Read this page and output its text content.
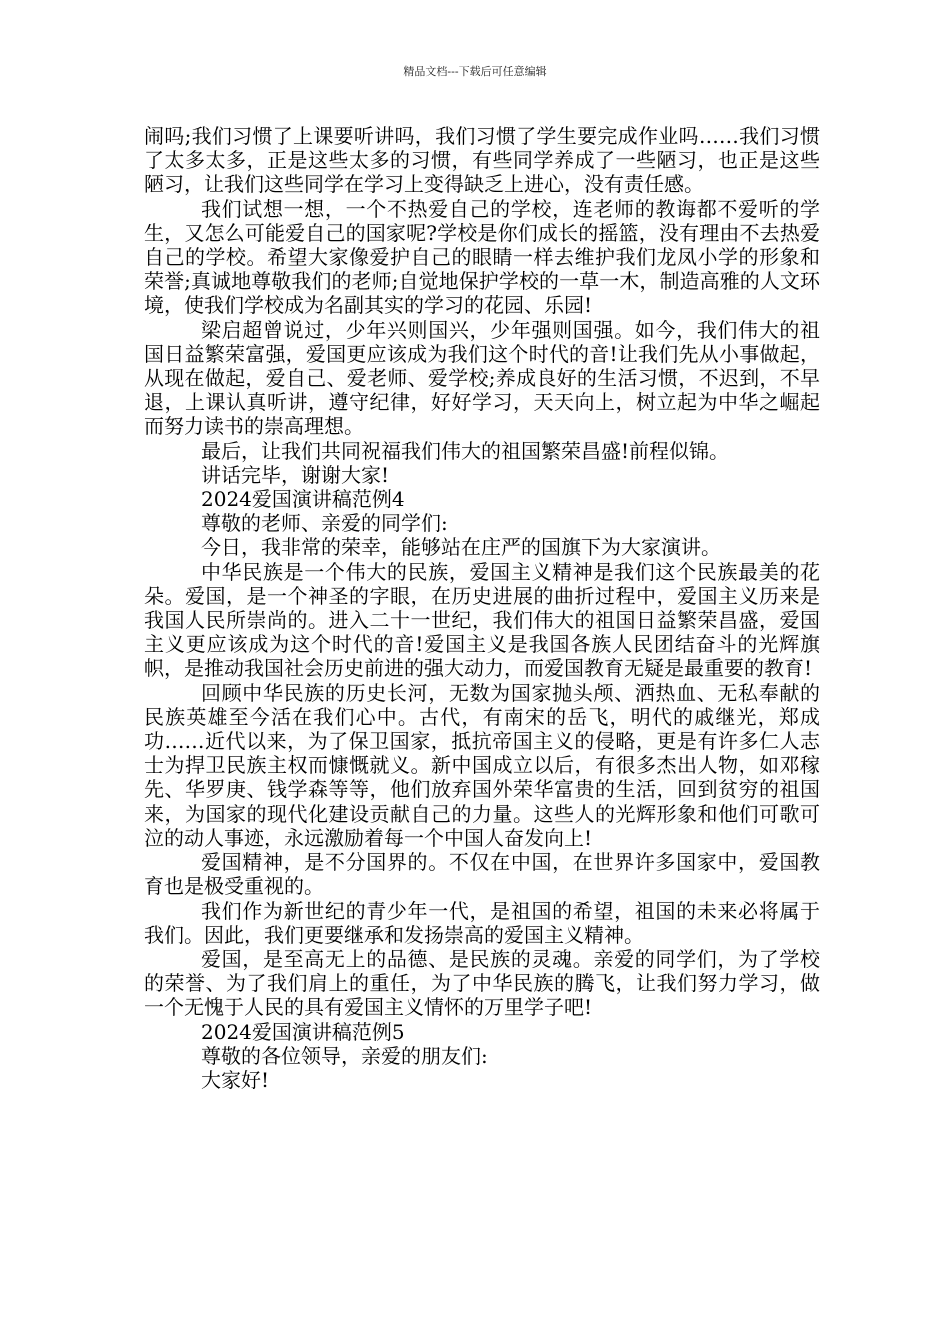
精品文档---下载后可任意编辑

闹吗;我们习惯了上课要听讲吗，我们习惯了学生要完成作业吗……我们习惯了太多太多，正是这些太多的习惯，有些同学养成了一些陋习，也正是这些陋习，让我们这些同学在学习上变得缺乏上进心，没有责任感。

我们试想一想，一个不热爱自己的学校，连老师的教诲都不爱听的学生，又怎么可能爱自己的国家呢?学校是你们成长的摇篮，没有理由不去热爱自己的学校。希望大家像爱护自己的眼睛一样去维护我们龙凤小学的形象和荣誉;真诚地尊敬我们的老师;自觉地保护学校的一草一木，制造高雅的人文环境，使我们学校成为名副其实的学习的花园、乐园!

梁启超曾说过，少年兴则国兴，少年强则国强。如今，我们伟大的祖国日益繁荣富强，爱国更应该成为我们这个时代的音!让我们先从小事做起，从现在做起，爱自己、爱老师、爱学校;养成良好的生活习惯，不迟到，不早退，上课认真听讲，遵守纪律，好好学习，天天向上，树立起为中华之崛起而努力读书的崇高理想。

最后，让我们共同祝福我们伟大的祖国繁荣昌盛!前程似锦。

讲话完毕，谢谢大家!

2024爱国演讲稿范例4

尊敬的老师、亲爱的同学们:

今日，我非常的荣幸，能够站在庄严的国旗下为大家演讲。

中华民族是一个伟大的民族，爱国主义精神是我们这个民族最美的花朵。爱国，是一个神圣的字眼，在历史进展的曲折过程中，爱国主义历来是我国人民所崇尚的。进入二十一世纪，我们伟大的祖国日益繁荣昌盛，爱国主义更应该成为这个时代的音!爱国主义是我国各族人民团结奋斗的光辉旗帜，是推动我国社会历史前进的强大动力，而爱国教育无疑是最重要的教育!

回顾中华民族的历史长河，无数为国家抛头颅、洒热血、无私奉献的民族英雄至今活在我们心中。古代，有南宋的岳飞，明代的戚继光，郑成功……近代以来，为了保卫国家，抵抗帝国主义的侵略，更是有许多仁人志士为捍卫民族主权而慷慨就义。新中国成立以后，有很多杰出人物，如邓稼先、华罗庚、钱学森等等，他们放弃国外荣华富贵的生活，回到贫穷的祖国来，为国家的现代化建设贡献自己的力量。这些人的光辉形象和他们可歌可泣的动人事迹，永远激励着每一个中国人奋发向上!

爱国精神，是不分国界的。不仅在中国，在世界许多国家中，爱国教育也是极受重视的。

我们作为新世纪的青少年一代，是祖国的希望，祖国的未来必将属于我们。因此，我们更要继承和发扬崇高的爱国主义精神。

爱国，是至高无上的品德、是民族的灵魂。亲爱的同学们，为了学校的荣誉、为了我们肩上的重任，为了中华民族的腾飞，让我们努力学习，做一个无愧于人民的具有爱国主义情怀的万里学子吧!

2024爱国演讲稿范例5

尊敬的各位领导，亲爱的朋友们:

大家好!
